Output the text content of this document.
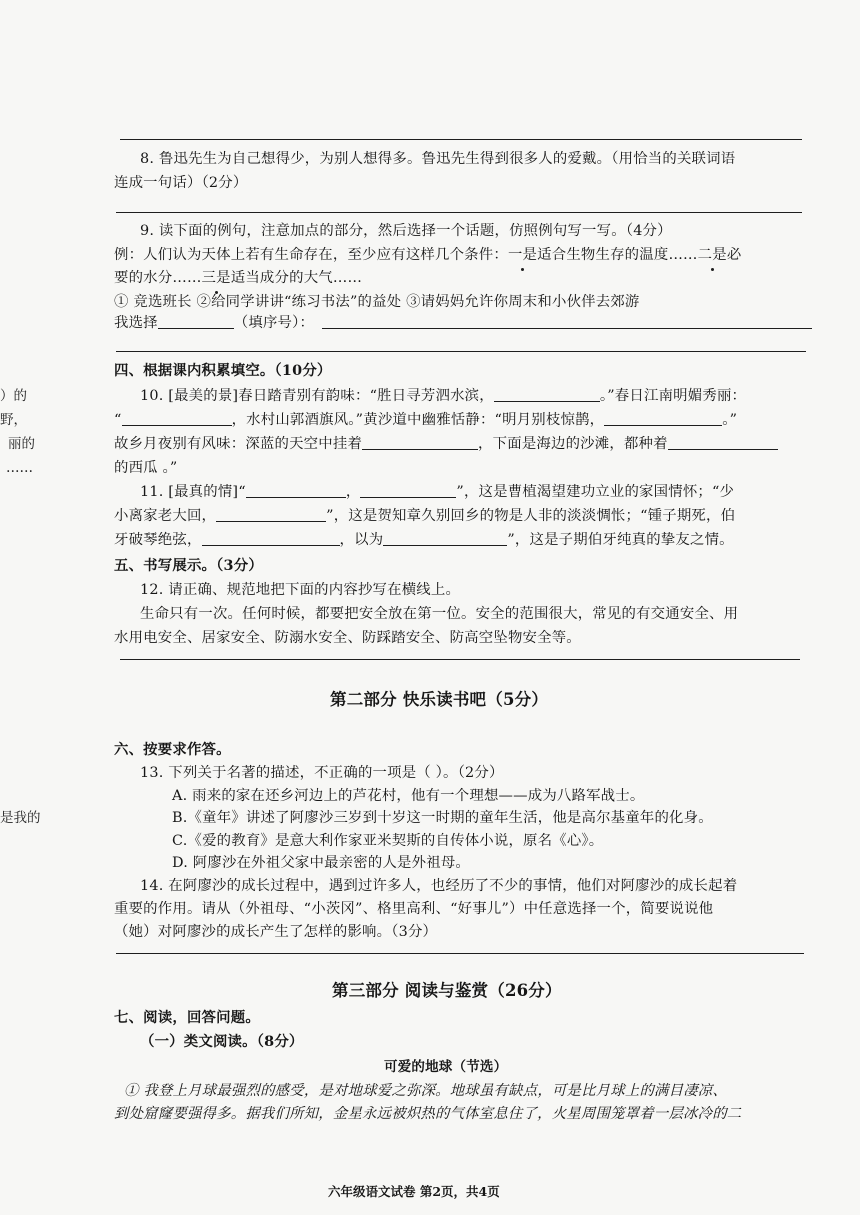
）的
野，
丽的
……
是我的
8. 鲁迅先生为自己想得少，为别人想得多。鲁迅先生得到很多人的爱戴。（用恰当的关联词语
连成一句话）（2分）
9. 读下面的例句，注意加点的部分，然后选择一个话题，仿照例句写一写。（4分）
例：人们认为天体上若有生命存在，至少应有这样几个条件：一是适合生物生存的温度……二是必
要的水分……三是适当成分的大气……
① 竞选班长 ②给同学讲讲“练习书法”的益处 ③请妈妈允许你周末和小伙伴去郊游
我选择	（填序号）：
四、根据课内积累填空。（10分）
10. [最美的景]春日踏青别有韵味：“胜日寻芳泗水滨，	。”春日江南明媚秀丽：
“	，水村山郭酒旗风。”黄沙道中幽雅恬静：“明月别枝惊鹊，	。”
故乡月夜别有风味：深蓝的天空中挂着	，下面是海边的沙滩，都种着
的西瓜 。”
11. [最真的情]“	，	”，这是曹植渴望建功立业的家国情怀；“少
小离家老大回，	”，这是贺知章久别回乡的物是人非的淡淡惆怅；“锺子期死，伯
牙破琴绝弦，	，以为	”，这是子期伯牙纯真的挚友之情。
五、书写展示。（3分）
12. 请正确、规范地把下面的内容抄写在横线上。
生命只有一次。任何时候，都要把安全放在第一位。安全的范围很大，常见的有交通安全、用
水用电安全、居家安全、防溺水安全、防踩踏安全、防高空坠物安全等。
第二部分 快乐读书吧（5分）
六、按要求作答。
13. 下列关于名著的描述，不正确的一项是（ ）。（2分）
A. 雨来的家在还乡河边上的芦花村，他有一个理想——成为八路军战士。
B.《童年》讲述了阿廖沙三岁到十岁这一时期的童年生活，他是高尔基童年的化身。
C.《爱的教育》是意大利作家亚米契斯的自传体小说，原名《心》。
D. 阿廖沙在外祖父家中最亲密的人是外祖母。
14. 在阿廖沙的成长过程中，遇到过许多人，也经历了不少的事情，他们对阿廖沙的成长起着
重要的作用。请从（外祖母、“小茨冈”、格里高利、“好事儿”）中任意选择一个，简要说说他
（她）对阿廖沙的成长产生了怎样的影响。（3分）
第三部分 阅读与鉴赏（26分）
七、阅读，回答问题。
（一）类文阅读。（8分）
可爱的地球（节选）
① 我登上月球最强烈的感受，是对地球爱之弥深。地球虽有缺点，可是比月球上的满目凄凉、
到处窟窿要强得多。据我们所知，金星永远被炽热的气体室息住了，火星周围笼罩着一层冰冷的二
六年级语文试卷 第2页，共4页
